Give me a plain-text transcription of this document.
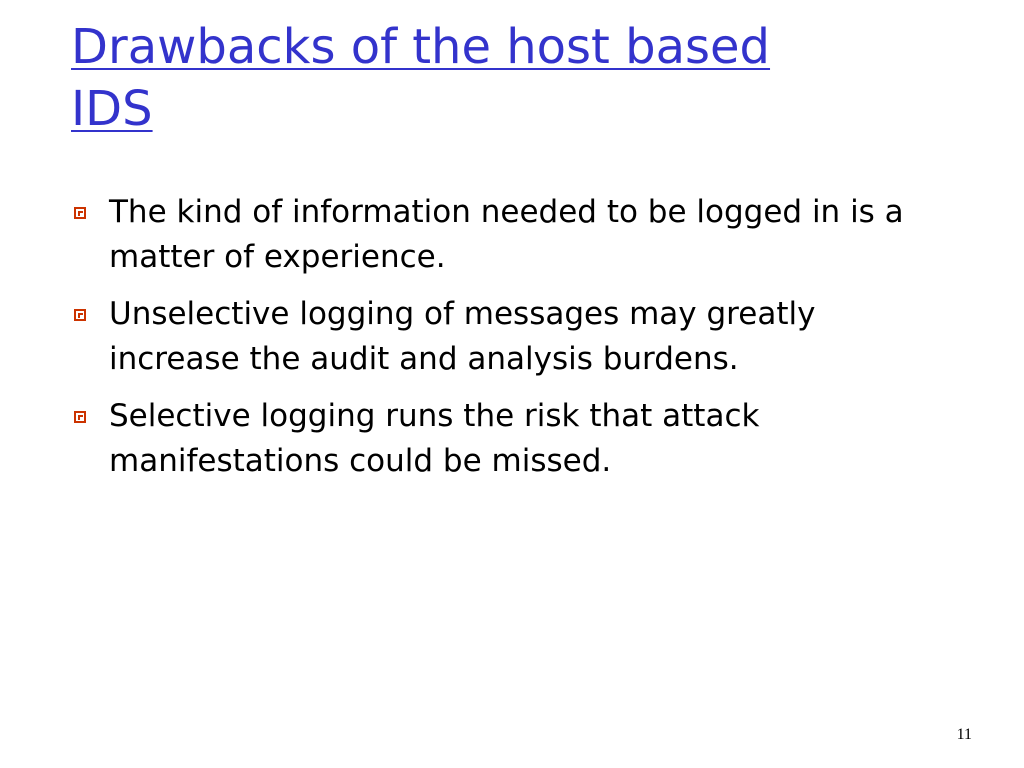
Drawbacks of the host based
IDS
The kind of information needed to be logged in is a matter of experience.
Unselective logging of messages may greatly increase the audit and analysis burdens.
Selective logging runs the risk that attack manifestations could be missed.
11
